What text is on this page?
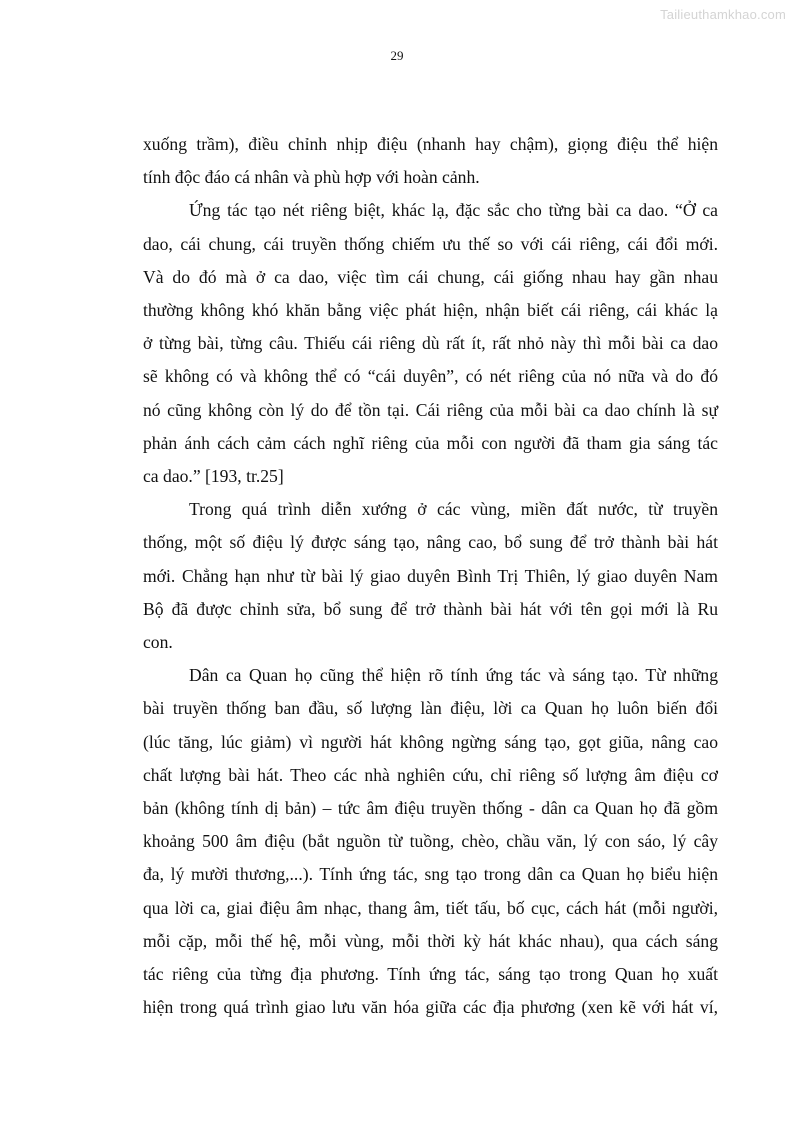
Tailieuthamkhao.com
29

xuống trầm), điều chỉnh nhịp điệu (nhanh hay chậm), giọng điệu thể hiện

tính độc đáo cá nhân và phù hợp với hoàn cảnh.

Ứng tác tạo nét riêng biệt, khác lạ, đặc sắc cho từng bài ca dao. “Ở ca

dao, cái chung, cái truyền thống chiếm ưu thế so với cái riêng, cái đổi mới.

Và do đó mà ở ca dao, việc tìm cái chung, cái giống nhau hay gần nhau

thường không khó khăn bằng việc phát hiện, nhận biết cái riêng, cái khác lạ

ở từng bài, từng câu. Thiếu cái riêng dù rất ít, rất nhỏ này thì mỗi bài ca dao

sẽ không có và không thể có “cái duyên”, có nét riêng của nó nữa và do đó

nó cũng không còn lý do để tồn tại. Cái riêng của mỗi bài ca dao chính là sự

phản ánh cách cảm cách nghĩ riêng của mỗi con người đã tham gia sáng tác

ca dao.” [193, tr.25]

Trong quá trình diễn xướng ở các vùng, miền đất nước, từ truyền

thống, một số điệu lý được sáng tạo, nâng cao, bổ sung để trở thành bài hát

mới. Chẳng hạn như từ bài lý giao duyên Bình Trị Thiên, lý giao duyên Nam

Bộ đã được chỉnh sửa, bổ sung để trở thành bài hát với tên gọi mới là Ru

con.

Dân ca Quan họ cũng thể hiện rõ tính ứng tác và sáng tạo. Từ những

bài truyền thống ban đầu, số lượng làn điệu, lời ca Quan họ luôn biến đổi

(lúc tăng, lúc giảm) vì người hát không ngừng sáng tạo, gọt giũa, nâng cao

chất lượng bài hát. Theo các nhà nghiên cứu, chỉ riêng số lượng âm điệu cơ

bản (không tính dị bản) – tức âm điệu truyền thống - dân ca Quan họ đã gồm

khoảng 500 âm điệu (bắt nguồn từ tuồng, chèo, chầu văn, lý con sáo, lý cây

đa, lý mười thương,...). Tính ứng tác, sng tạo trong dân ca Quan họ biểu hiện

qua lời ca, giai điệu âm nhạc, thang âm, tiết tấu, bố cục, cách hát (mỗi người,

mỗi cặp, mỗi thế hệ, mỗi vùng, mỗi thời kỳ hát khác nhau), qua cách sáng

tác riêng của từng địa phương. Tính ứng tác, sáng tạo trong Quan họ xuất

hiện trong quá trình giao lưu văn hóa giữa các địa phương (xen kẽ với hát ví,
